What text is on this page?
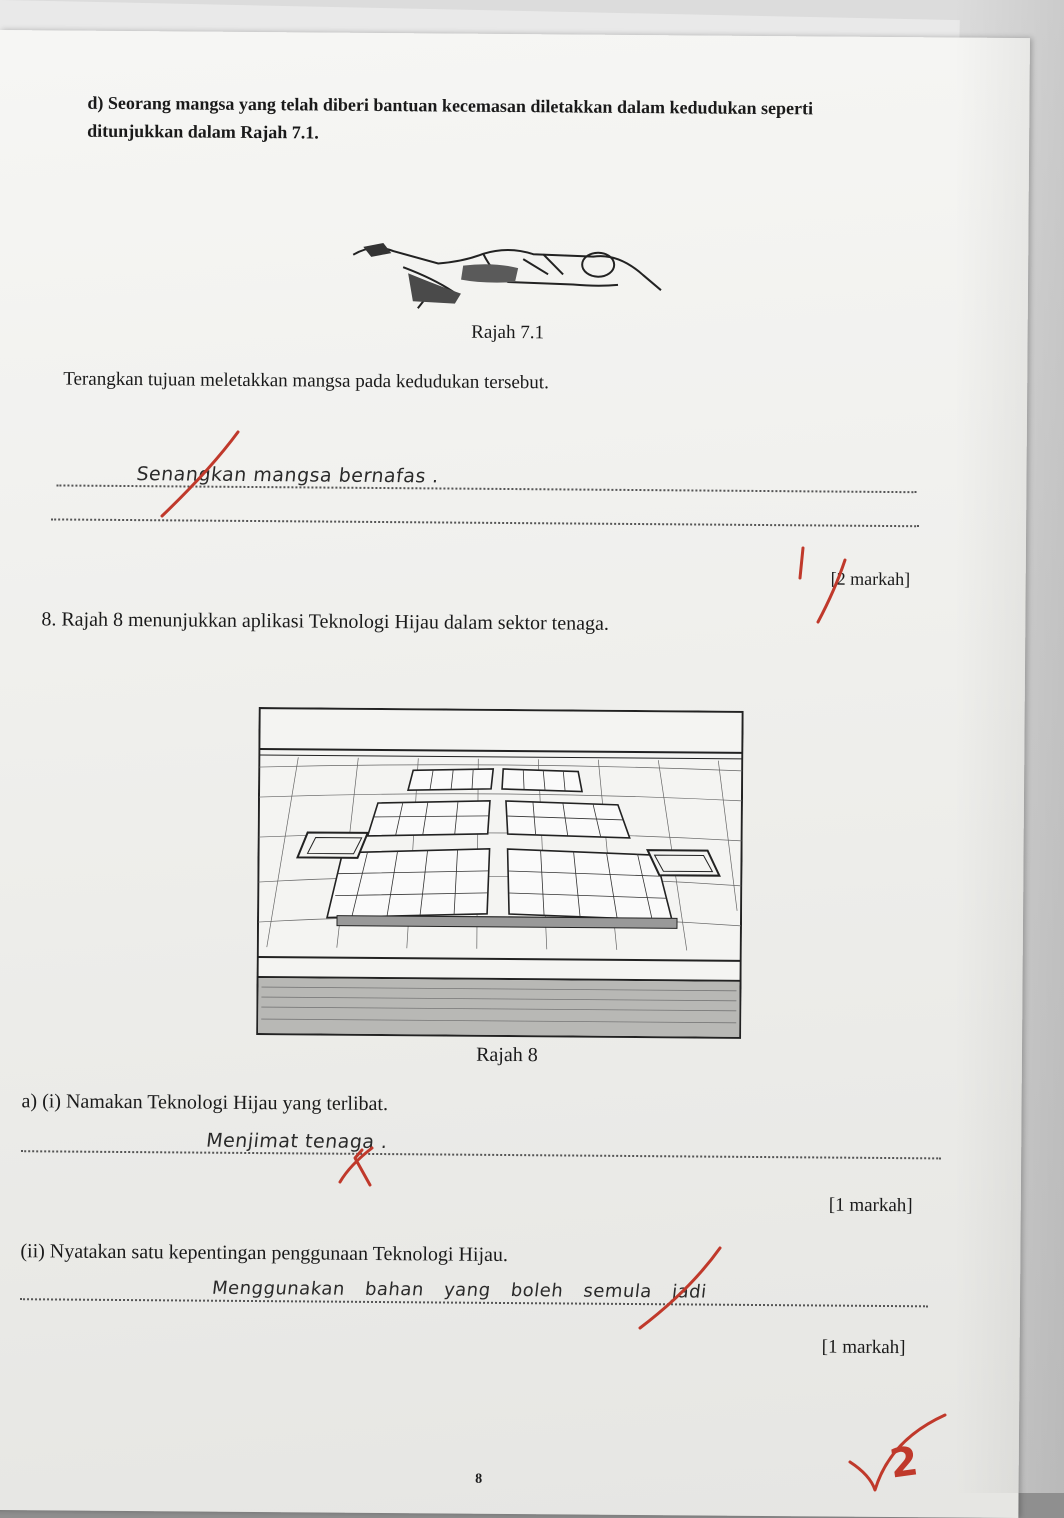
d) Seorang mangsa yang telah diberi bantuan kecemasan diletakkan dalam kedudukan seperti
ditunjukkan dalam Rajah 7.1.
Rajah 7.1
Terangkan tujuan meletakkan mangsa pada kedudukan tersebut.
Senangkan mangsa bernafas .
[2 markah]
8. Rajah 8 menunjukkan aplikasi Teknologi Hijau dalam sektor tenaga.
Rajah 8
a) (i) Namakan Teknologi Hijau yang terlibat.
Menjimat tenaga .
[1 markah]
(ii) Nyatakan satu kepentingan penggunaan Teknologi Hijau.
Menggunakan bahan yang boleh semula jadi
[1 markah]
8	2
